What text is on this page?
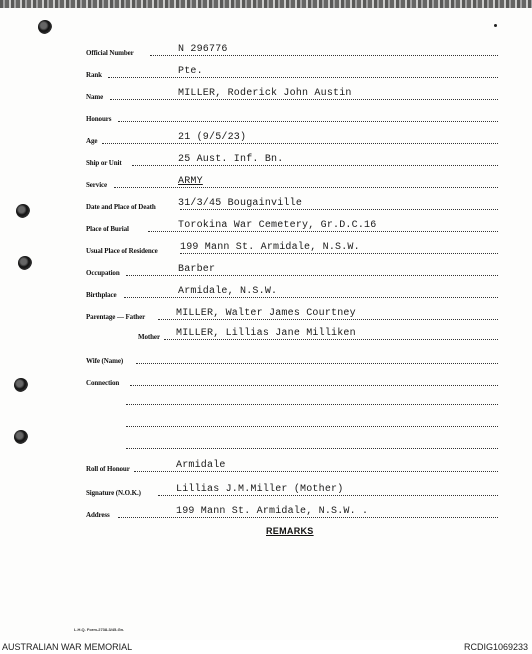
Official Number	N 296776
Rank	Pte.
Name	MILLER, Roderick John Austin
Honours
Age	21 (9/5/23)
Ship or Unit	25 Aust. Inf. Bn.
Service	ARMY
Date and Place of Death 31/3/45 Bougainville
Place of Burial	Torokina War Cemetery, Gr.D.C.16
Usual Place of Residence 199 Mann St. Armidale, N.S.W.
Occupation	Barber
Birthplace	Armidale, N.S.W.
Parentage — Father	MILLER, Walter James Courtney
Mother MILLER, Lillias Jane Milliken
Wife (Name)
Connection
Roll of Honour	Armidale
Signature (N.O.K.)	Lillias J.M.Miller (Mother)
Address	199 Mann St. Armidale, N.S.W. .
REMARKS
L.H.Q. Form-2738-3/45-Gn.
AUSTRALIAN WAR MEMORIAL	RCDIG1069233
